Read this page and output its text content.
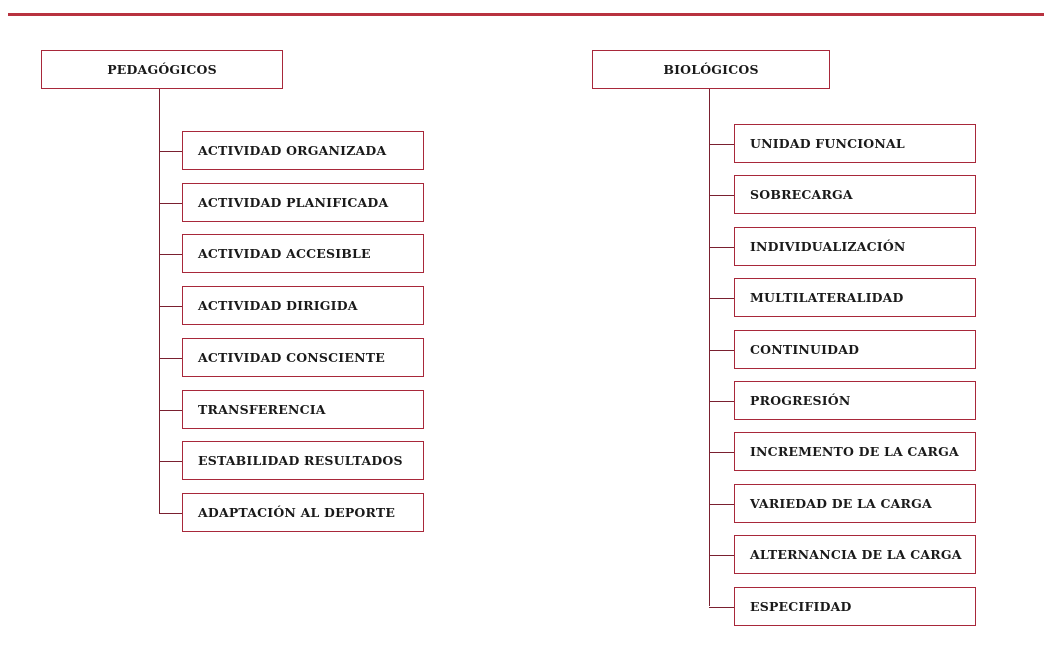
PEDAGÓGICOS
ACTIVIDAD ORGANIZADA
ACTIVIDAD PLANIFICADA
ACTIVIDAD ACCESIBLE
ACTIVIDAD DIRIGIDA
ACTIVIDAD CONSCIENTE
TRANSFERENCIA
ESTABILIDAD RESULTADOS
ADAPTACIÓN AL DEPORTE
BIOLÓGICOS
UNIDAD FUNCIONAL
SOBRECARGA
INDIVIDUALIZACIÓN
MULTILATERALIDAD
CONTINUIDAD
PROGRESIÓN
INCREMENTO DE LA CARGA
VARIEDAD DE LA CARGA
ALTERNANCIA DE LA CARGA
ESPECIFIDAD
